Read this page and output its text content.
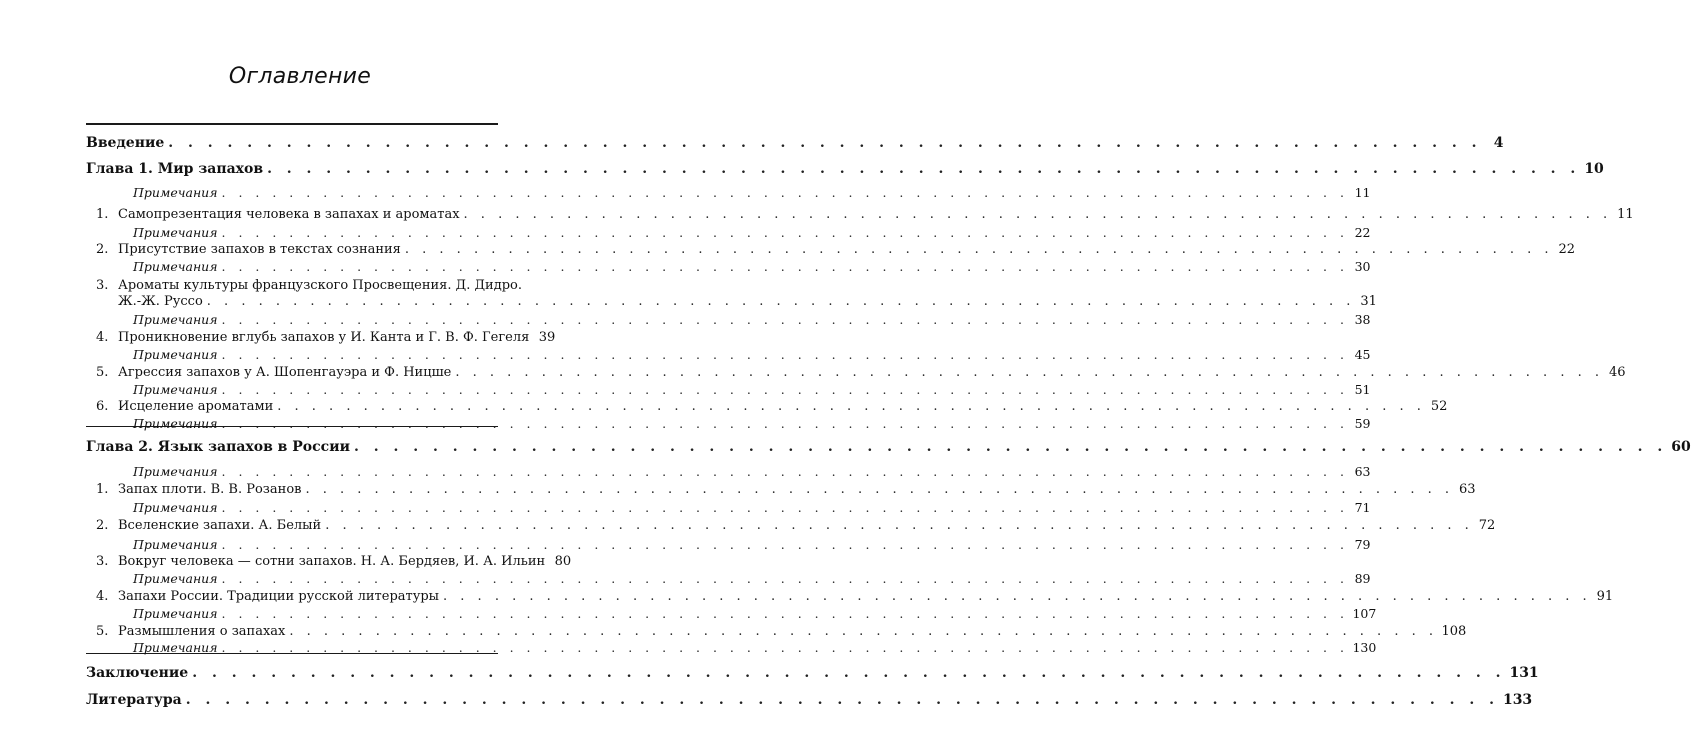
Оглавление
Введение . . . . . . . . . . . . . . . . . . . . . . . . . . . . . . . . . . . . . . . . . . . . . . . . . . . . . . . . . . . . . . . . . . . 4
Глава 1. Мир запахов . . . . . . . . . . . . . . . . . . . . . . . . . . . . . . . . . . . . . . . . . . . . . . . . . . . . . . . . . . . . . . . . . . . 10
Примечания . . . . . . . . . . . . . . . . . . . . . . . . . . . . . . . . . . . . . . . . . . . . . . . . . . . . . . . . . . . . . . . . . . . 11
1. Самопрезентация человека в запахах и ароматах . . . . . . . . . . . . . . . . . . . . . . . . . . . . . . . . . . . . . . . . . . . . . . . . . . . . . . . . . . . . . . . . . . . 11
Примечания . . . . . . . . . . . . . . . . . . . . . . . . . . . . . . . . . . . . . . . . . . . . . . . . . . . . . . . . . . . . . . . . . . . 22
2. Присутствие запахов в текстах сознания . . . . . . . . . . . . . . . . . . . . . . . . . . . . . . . . . . . . . . . . . . . . . . . . . . . . . . . . . . . . . . . . . . . 22
Примечания . . . . . . . . . . . . . . . . . . . . . . . . . . . . . . . . . . . . . . . . . . . . . . . . . . . . . . . . . . . . . . . . . . . 30
3. Ароматы культуры французского Просвещения. Д. Дидро.
Ж.-Ж. Руссо . . . . . . . . . . . . . . . . . . . . . . . . . . . . . . . . . . . . . . . . . . . . . . . . . . . . . . . . . . . . . . . . . . . 31
Примечания . . . . . . . . . . . . . . . . . . . . . . . . . . . . . . . . . . . . . . . . . . . . . . . . . . . . . . . . . . . . . . . . . . . 38
4. Проникновение вглубь запахов у И. Канта и Г. В. Ф. Гегеля 39
Примечания . . . . . . . . . . . . . . . . . . . . . . . . . . . . . . . . . . . . . . . . . . . . . . . . . . . . . . . . . . . . . . . . . . . 45
5. Агрессия запахов у А. Шопенгауэра и Ф. Ницше . . . . . . . . . . . . . . . . . . . . . . . . . . . . . . . . . . . . . . . . . . . . . . . . . . . . . . . . . . . . . . . . . . . 46
Примечания . . . . . . . . . . . . . . . . . . . . . . . . . . . . . . . . . . . . . . . . . . . . . . . . . . . . . . . . . . . . . . . . . . . 51
6. Исцеление ароматами . . . . . . . . . . . . . . . . . . . . . . . . . . . . . . . . . . . . . . . . . . . . . . . . . . . . . . . . . . . . . . . . . . . 52
Примечания . . . . . . . . . . . . . . . . . . . . . . . . . . . . . . . . . . . . . . . . . . . . . . . . . . . . . . . . . . . . . . . . . . . 59
Глава 2. Язык запахов в России . . . . . . . . . . . . . . . . . . . . . . . . . . . . . . . . . . . . . . . . . . . . . . . . . . . . . . . . . . . . . . . . . . . 60
Примечания . . . . . . . . . . . . . . . . . . . . . . . . . . . . . . . . . . . . . . . . . . . . . . . . . . . . . . . . . . . . . . . . . . . 63
1. Запах плоти. В. В. Розанов . . . . . . . . . . . . . . . . . . . . . . . . . . . . . . . . . . . . . . . . . . . . . . . . . . . . . . . . . . . . . . . . . . . 63
Примечания . . . . . . . . . . . . . . . . . . . . . . . . . . . . . . . . . . . . . . . . . . . . . . . . . . . . . . . . . . . . . . . . . . . 71
2. Вселенские запахи. А. Белый . . . . . . . . . . . . . . . . . . . . . . . . . . . . . . . . . . . . . . . . . . . . . . . . . . . . . . . . . . . . . . . . . . . 72
Примечания . . . . . . . . . . . . . . . . . . . . . . . . . . . . . . . . . . . . . . . . . . . . . . . . . . . . . . . . . . . . . . . . . . . 79
3. Вокруг человека — сотни запахов. Н. А. Бердяев, И. А. Ильин 80
Примечания . . . . . . . . . . . . . . . . . . . . . . . . . . . . . . . . . . . . . . . . . . . . . . . . . . . . . . . . . . . . . . . . . . . 89
4. Запахи России. Традиции русской литературы . . . . . . . . . . . . . . . . . . . . . . . . . . . . . . . . . . . . . . . . . . . . . . . . . . . . . . . . . . . . . . . . . . . 91
Примечания . . . . . . . . . . . . . . . . . . . . . . . . . . . . . . . . . . . . . . . . . . . . . . . . . . . . . . . . . . . . . . . . . . . 107
5. Размышления о запахах . . . . . . . . . . . . . . . . . . . . . . . . . . . . . . . . . . . . . . . . . . . . . . . . . . . . . . . . . . . . . . . . . . . 108
Примечания . . . . . . . . . . . . . . . . . . . . . . . . . . . . . . . . . . . . . . . . . . . . . . . . . . . . . . . . . . . . . . . . . . . 130
Заключение . . . . . . . . . . . . . . . . . . . . . . . . . . . . . . . . . . . . . . . . . . . . . . . . . . . . . . . . . . . . . . . . . . . 131
Литература . . . . . . . . . . . . . . . . . . . . . . . . . . . . . . . . . . . . . . . . . . . . . . . . . . . . . . . . . . . . . . . . . . . 133
